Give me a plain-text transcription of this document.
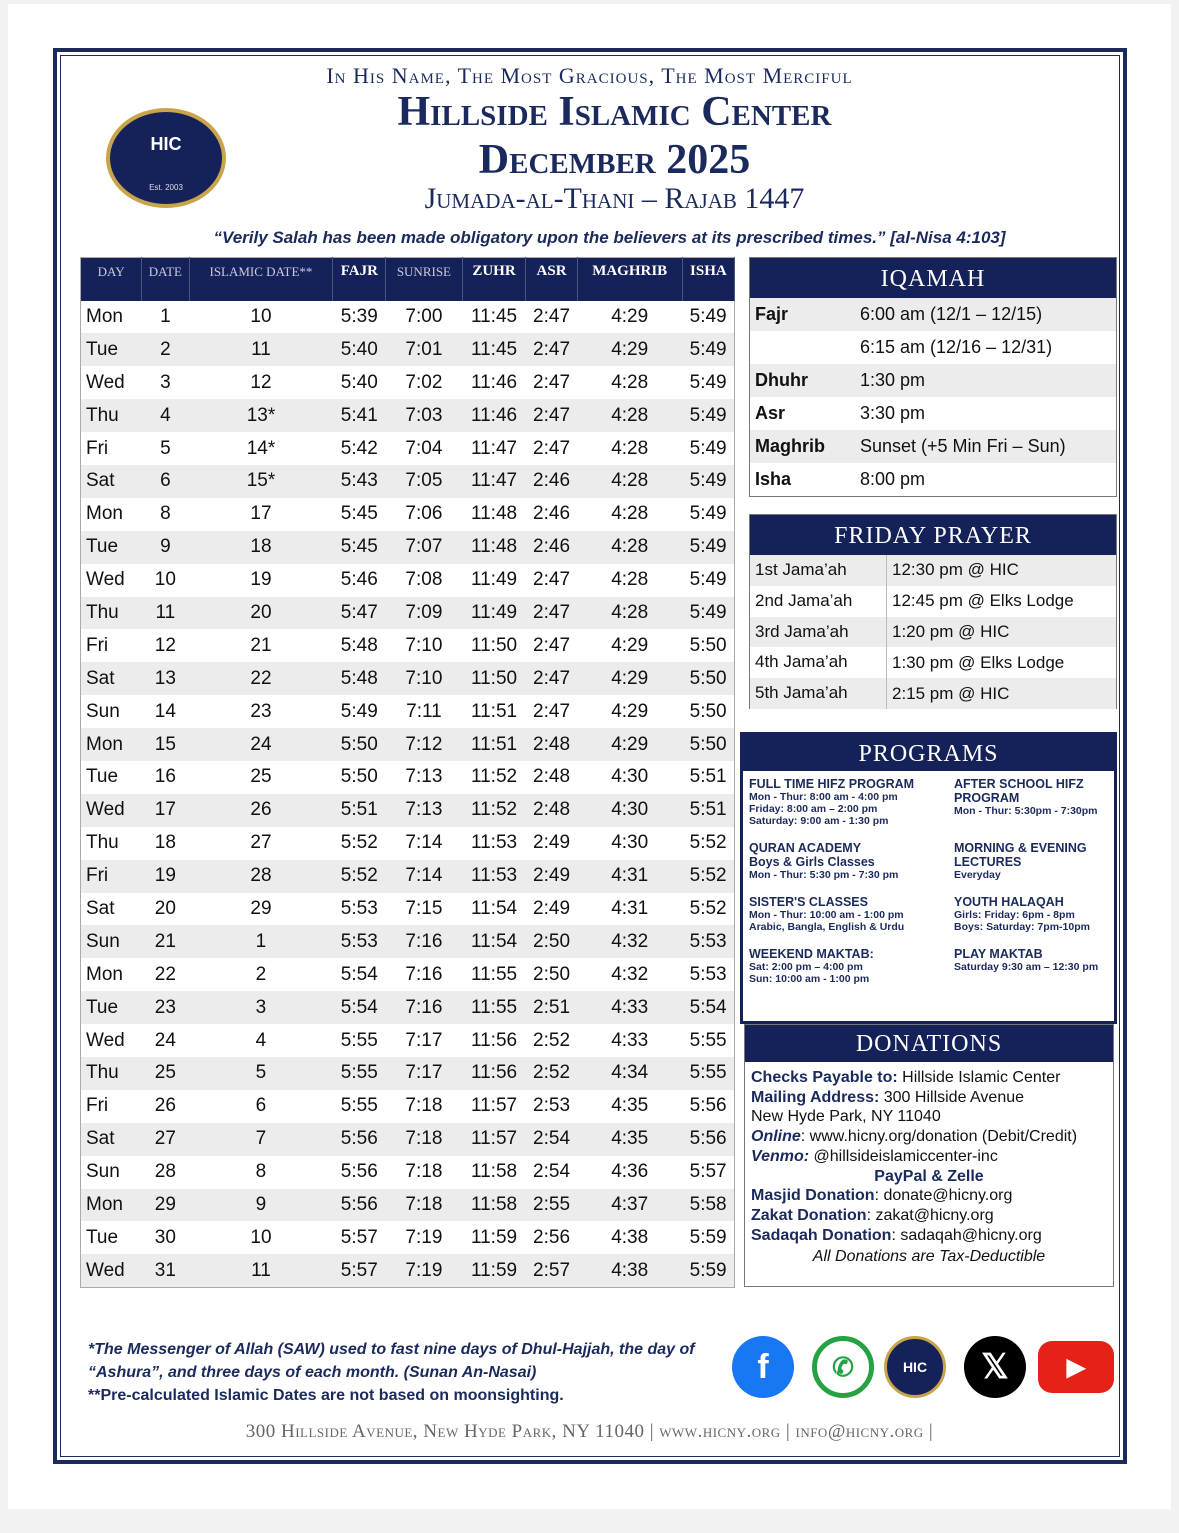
HIC
Est. 2003
In His Name, The Most Gracious, The Most Merciful
Hillside Islamic Center
December 2025
Jumada-al-Thani – Rajab 1447
“Verily Salah has been made obligatory upon the believers at its prescribed times.” [al-Nisa 4:103]
DAY	DATE	ISLAMIC DATE**	FAJR	SUNRISE	ZUHR	ASR	MAGHRIB	ISHA
Mon	1	10	5:39	7:00	11:45	2:47	4:29	5:49
Tue	2	11	5:40	7:01	11:45	2:47	4:29	5:49
Wed	3	12	5:40	7:02	11:46	2:47	4:28	5:49
Thu	4	13*	5:41	7:03	11:46	2:47	4:28	5:49
Fri	5	14*	5:42	7:04	11:47	2:47	4:28	5:49
Sat	6	15*	5:43	7:05	11:47	2:46	4:28	5:49
Mon	8	17	5:45	7:06	11:48	2:46	4:28	5:49
Tue	9	18	5:45	7:07	11:48	2:46	4:28	5:49
Wed	10	19	5:46	7:08	11:49	2:47	4:28	5:49
Thu	11	20	5:47	7:09	11:49	2:47	4:28	5:49
Fri	12	21	5:48	7:10	11:50	2:47	4:29	5:50
Sat	13	22	5:48	7:10	11:50	2:47	4:29	5:50
Sun	14	23	5:49	7:11	11:51	2:47	4:29	5:50
Mon	15	24	5:50	7:12	11:51	2:48	4:29	5:50
Tue	16	25	5:50	7:13	11:52	2:48	4:30	5:51
Wed	17	26	5:51	7:13	11:52	2:48	4:30	5:51
Thu	18	27	5:52	7:14	11:53	2:49	4:30	5:52
Fri	19	28	5:52	7:14	11:53	2:49	4:31	5:52
Sat	20	29	5:53	7:15	11:54	2:49	4:31	5:52
Sun	21	1	5:53	7:16	11:54	2:50	4:32	5:53
Mon	22	2	5:54	7:16	11:55	2:50	4:32	5:53
Tue	23	3	5:54	7:16	11:55	2:51	4:33	5:54
Wed	24	4	5:55	7:17	11:56	2:52	4:33	5:55
Thu	25	5	5:55	7:17	11:56	2:52	4:34	5:55
Fri	26	6	5:55	7:18	11:57	2:53	4:35	5:56
Sat	27	7	5:56	7:18	11:57	2:54	4:35	5:56
Sun	28	8	5:56	7:18	11:58	2:54	4:36	5:57
Mon	29	9	5:56	7:18	11:58	2:55	4:37	5:58
Tue	30	10	5:57	7:19	11:59	2:56	4:38	5:59
Wed	31	11	5:57	7:19	11:59	2:57	4:38	5:59
IQAMAH
Fajr	6:00 am (12/1 – 12/15)
6:15 am (12/16 – 12/31)
Dhuhr	1:30 pm
Asr	3:30 pm
Maghrib	Sunset (+5 Min Fri – Sun)
Isha	8:00 pm
FRIDAY PRAYER
1st Jama’ah	12:30 pm @ HIC
2nd Jama’ah	12:45 pm @ Elks Lodge
3rd Jama’ah	1:20 pm @ HIC
4th Jama’ah	1:30 pm @ Elks Lodge
5th Jama’ah	2:15 pm @ HIC
PROGRAMS
FULL TIME HIFZ PROGRAM
Mon - Thur: 8:00 am - 4:00 pm
Friday: 8:00 am – 2:00 pm
Saturday: 9:00 am - 1:30 pm
AFTER SCHOOL HIFZ PROGRAM
Mon - Thur: 5:30pm - 7:30pm
QURAN ACADEMY
Boys & Girls Classes
Mon - Thur: 5:30 pm - 7:30 pm
MORNING & EVENING LECTURES
Everyday
SISTER'S CLASSES
Mon - Thur: 10:00 am - 1:00 pm
Arabic, Bangla, English & Urdu
YOUTH HALAQAH
Girls: Friday: 6pm - 8pm
Boys: Saturday: 7pm-10pm
WEEKEND MAKTAB:
Sat: 2:00 pm – 4:00 pm
Sun: 10:00 am - 1:00 pm
PLAY MAKTAB
Saturday 9:30 am – 12:30 pm
DONATIONS
Checks Payable to: Hillside Islamic Center
Mailing Address: 300 Hillside Avenue
New Hyde Park, NY 11040
Online: www.hicny.org/donation (Debit/Credit)
Venmo: @hillsideislamiccenter-inc
PayPal & Zelle
Masjid Donation: donate@hicny.org
Zakat Donation: zakat@hicny.org
Sadaqah Donation: sadaqah@hicny.org
All Donations are Tax-Deductible
*The Messenger of Allah (SAW) used to fast nine days of Dhul-Hajjah, the day of “Ashura”, and three days of each month. (Sunan An-Nasai)
**Pre-calculated Islamic Dates are not based on moonsighting.
f	✆	HIC	𝕏	▶
300 Hillside Avenue, New Hyde Park, NY 11040 | www.hicny.org | info@hicny.org |
